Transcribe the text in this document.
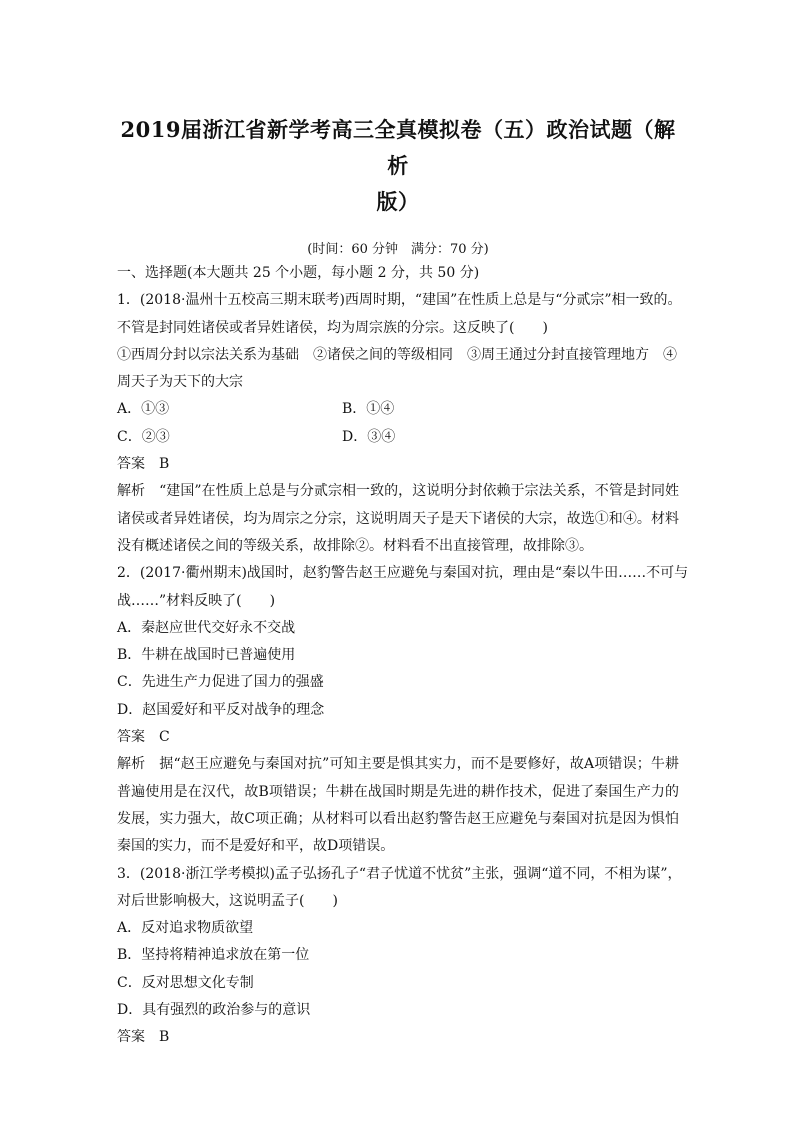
2019届浙江省新学考高三全真模拟卷（五）政治试题（解析
版）
(时间：60 分钟　满分：70 分)
一、选择题(本大题共 25 个小题，每小题 2 分，共 50 分)
1．(2018·温州十五校高三期末联考)西周时期，“建国”在性质上总是与“分贰宗”相一致的。
不管是封同姓诸侯或者异姓诸侯，均为周宗族的分宗。这反映了(　　)
①西周分封以宗法关系为基础　②诸侯之间的等级相同　③周王通过分封直接管理地方　④
周天子为天下的大宗
A．①③	B．①④
C．②③	D．③④
答案 B
解析 “建国”在性质上总是与分贰宗相一致的，这说明分封依赖于宗法关系，不管是封同姓诸侯或者异姓诸侯，均为周宗之分宗，这说明周天子是天下诸侯的大宗，故选①和④。材料没有概述诸侯之间的等级关系，故排除②。材料看不出直接管理，故排除③。
2．(2017·衢州期末)战国时，赵豹警告赵王应避免与秦国对抗，理由是“秦以牛田……不可与
战……”材料反映了(　　)
A．秦赵应世代交好永不交战
B．牛耕在战国时已普遍使用
C．先进生产力促进了国力的强盛
D．赵国爱好和平反对战争的理念
答案 C
解析 据“赵王应避免与秦国对抗”可知主要是惧其实力，而不是要修好，故A项错误；牛耕普遍使用是在汉代，故B项错误；牛耕在战国时期是先进的耕作技术，促进了秦国生产力的发展，实力强大，故C项正确；从材料可以看出赵豹警告赵王应避免与秦国对抗是因为惧怕秦国的实力，而不是爱好和平，故D项错误。
3．(2018·浙江学考模拟)孟子弘扬孔子“君子忧道不忧贫”主张，强调“道不同，不相为谋”，
对后世影响极大，这说明孟子(　　)
A．反对追求物质欲望
B．坚持将精神追求放在第一位
C．反对思想文化专制
D．具有强烈的政治参与的意识
答案 B
